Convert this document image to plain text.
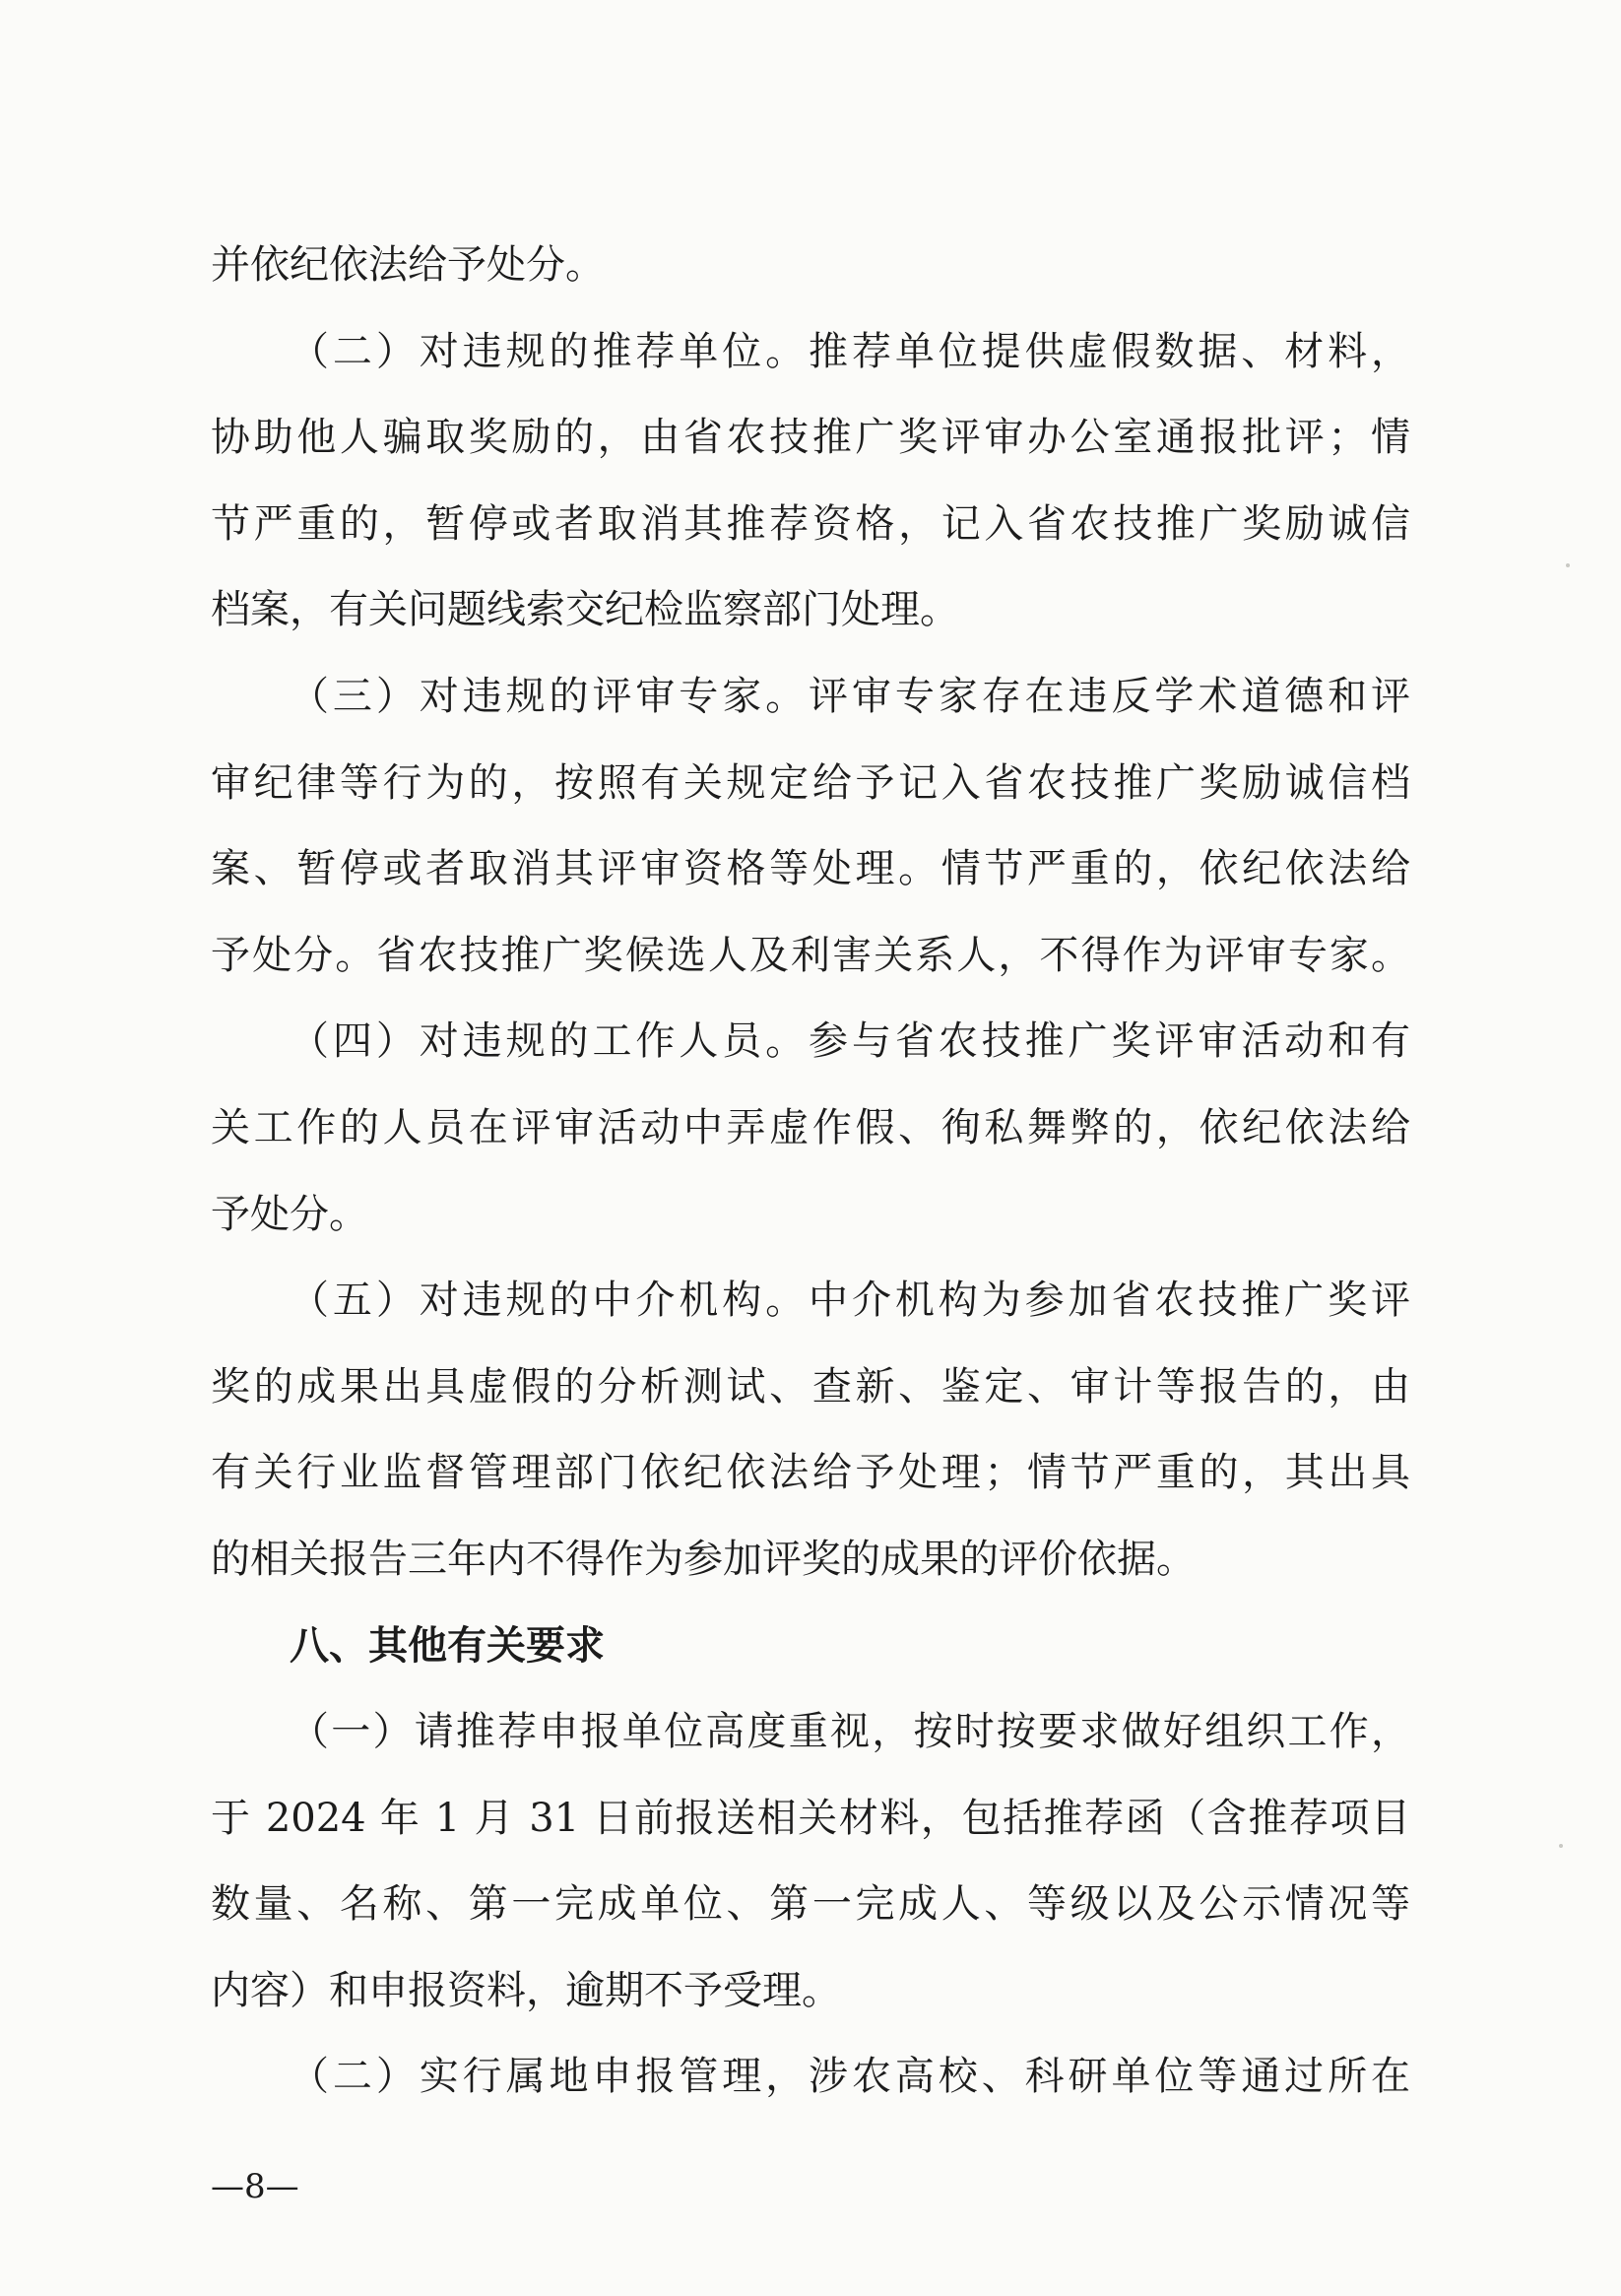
并依纪依法给予处分。
（二）对违规的推荐单位。推荐单位提供虚假数据、材料，
协助他人骗取奖励的，由省农技推广奖评审办公室通报批评；情
节严重的，暂停或者取消其推荐资格，记入省农技推广奖励诚信
档案，有关问题线索交纪检监察部门处理。
（三）对违规的评审专家。评审专家存在违反学术道德和评
审纪律等行为的，按照有关规定给予记入省农技推广奖励诚信档
案、暂停或者取消其评审资格等处理。情节严重的，依纪依法给
予处分。省农技推广奖候选人及利害关系人，不得作为评审专家。
（四）对违规的工作人员。参与省农技推广奖评审活动和有
关工作的人员在评审活动中弄虚作假、徇私舞弊的，依纪依法给
予处分。
（五）对违规的中介机构。中介机构为参加省农技推广奖评
奖的成果出具虚假的分析测试、查新、鉴定、审计等报告的，由
有关行业监督管理部门依纪依法给予处理；情节严重的，其出具
的相关报告三年内不得作为参加评奖的成果的评价依据。
八、其他有关要求
（一）请推荐申报单位高度重视，按时按要求做好组织工作，
于 2024 年 1 月 31 日前报送相关材料，包括推荐函（含推荐项目
数量、名称、第一完成单位、第一完成人、等级以及公示情况等
内容）和申报资料，逾期不予受理。
（二）实行属地申报管理，涉农高校、科研单位等通过所在
—8—
